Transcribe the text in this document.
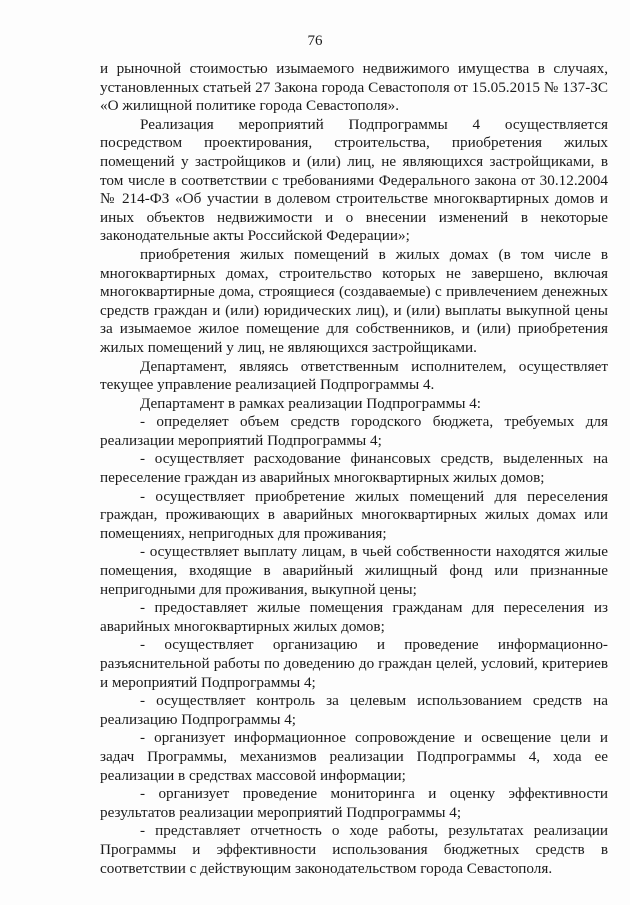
76

и рыночной стоимостью изымаемого недвижимого имущества в случаях, установленных статьей 27 Закона города Севастополя от 15.05.2015 № 137-ЗС «О жилищной политике города Севастополя».

Реализация мероприятий Подпрограммы 4 осуществляется посредством проектирования, строительства, приобретения жилых помещений у застройщиков и (или) лиц, не являющихся застройщиками, в том числе в соответствии с требованиями Федерального закона от 30.12.2004 № 214-ФЗ «Об участии в долевом строительстве многоквартирных домов и иных объектов недвижимости и о внесении изменений в некоторые законодательные акты Российской Федерации»;

приобретения жилых помещений в жилых домах (в том числе в многоквартирных домах, строительство которых не завершено, включая многоквартирные дома, строящиеся (создаваемые) с привлечением денежных средств граждан и (или) юридических лиц), и (или) выплаты выкупной цены за изымаемое жилое помещение для собственников, и (или) приобретения жилых помещений у лиц, не являющихся застройщиками.

Департамент, являясь ответственным исполнителем, осуществляет текущее управление реализацией Подпрограммы 4.

Департамент в рамках реализации Подпрограммы 4:

- определяет объем средств городского бюджета, требуемых для реализации мероприятий Подпрограммы 4;

- осуществляет расходование финансовых средств, выделенных на переселение граждан из аварийных многоквартирных жилых домов;

- осуществляет приобретение жилых помещений для переселения граждан, проживающих в аварийных многоквартирных жилых домах или помещениях, непригодных для проживания;

- осуществляет выплату лицам, в чьей собственности находятся жилые помещения, входящие в аварийный жилищный фонд или признанные непригодными для проживания, выкупной цены;

- предоставляет жилые помещения гражданам для переселения из аварийных многоквартирных жилых домов;

- осуществляет организацию и проведение информационно-разъяснительной работы по доведению до граждан целей, условий, критериев и мероприятий Подпрограммы 4;

- осуществляет контроль за целевым использованием средств на реализацию Подпрограммы 4;

- организует информационное сопровождение и освещение цели и задач Программы, механизмов реализации Подпрограммы 4, хода ее реализации в средствах массовой информации;

- организует проведение мониторинга и оценку эффективности результатов реализации мероприятий Подпрограммы 4;

- представляет отчетность о ходе работы, результатах реализации Программы и эффективности использования бюджетных средств в соответствии с действующим законодательством города Севастополя.
